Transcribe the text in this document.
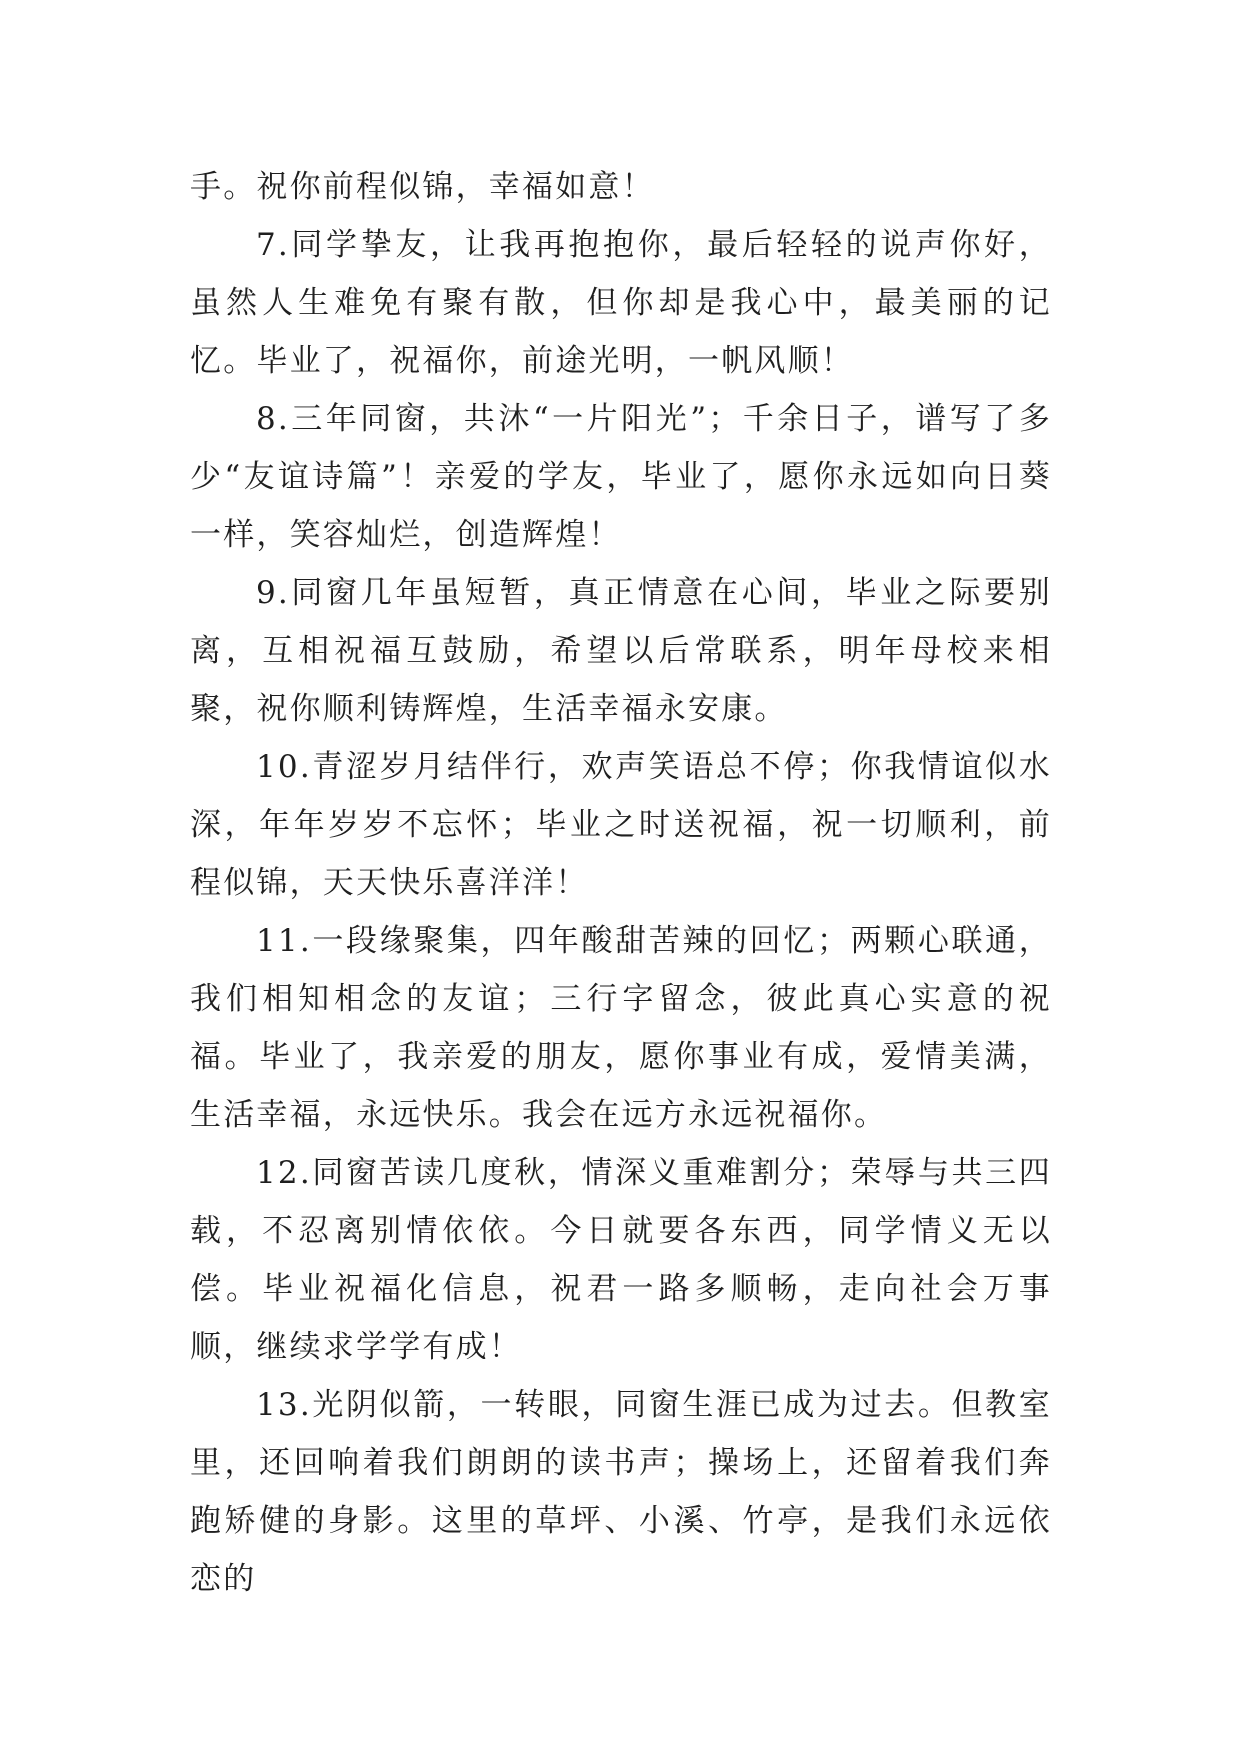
手。祝你前程似锦，幸福如意！

7.同学挚友，让我再抱抱你，最后轻轻的说声你好，虽然人生难免有聚有散，但你却是我心中，最美丽的记忆。毕业了，祝福你，前途光明，一帆风顺！

8.三年同窗，共沐“一片阳光”；千余日子，谱写了多少“友谊诗篇”！亲爱的学友，毕业了，愿你永远如向日葵一样，笑容灿烂，创造辉煌！

9.同窗几年虽短暂，真正情意在心间，毕业之际要别离，互相祝福互鼓励，希望以后常联系，明年母校来相聚，祝你顺利铸辉煌，生活幸福永安康。

10.青涩岁月结伴行，欢声笑语总不停；你我情谊似水深，年年岁岁不忘怀；毕业之时送祝福，祝一切顺利，前程似锦，天天快乐喜洋洋！

11.一段缘聚集，四年酸甜苦辣的回忆；两颗心联通，我们相知相念的友谊；三行字留念，彼此真心实意的祝福。毕业了，我亲爱的朋友，愿你事业有成，爱情美满，生活幸福，永远快乐。我会在远方永远祝福你。

12.同窗苦读几度秋，情深义重难割分；荣辱与共三四载，不忍离别情依依。今日就要各东西，同学情义无以偿。毕业祝福化信息，祝君一路多顺畅，走向社会万事顺，继续求学学有成！

13.光阴似箭，一转眼，同窗生涯已成为过去。但教室里，还回响着我们朗朗的读书声；操场上，还留着我们奔跑矫健的身影。这里的草坪、小溪、竹亭，是我们永远依恋的
